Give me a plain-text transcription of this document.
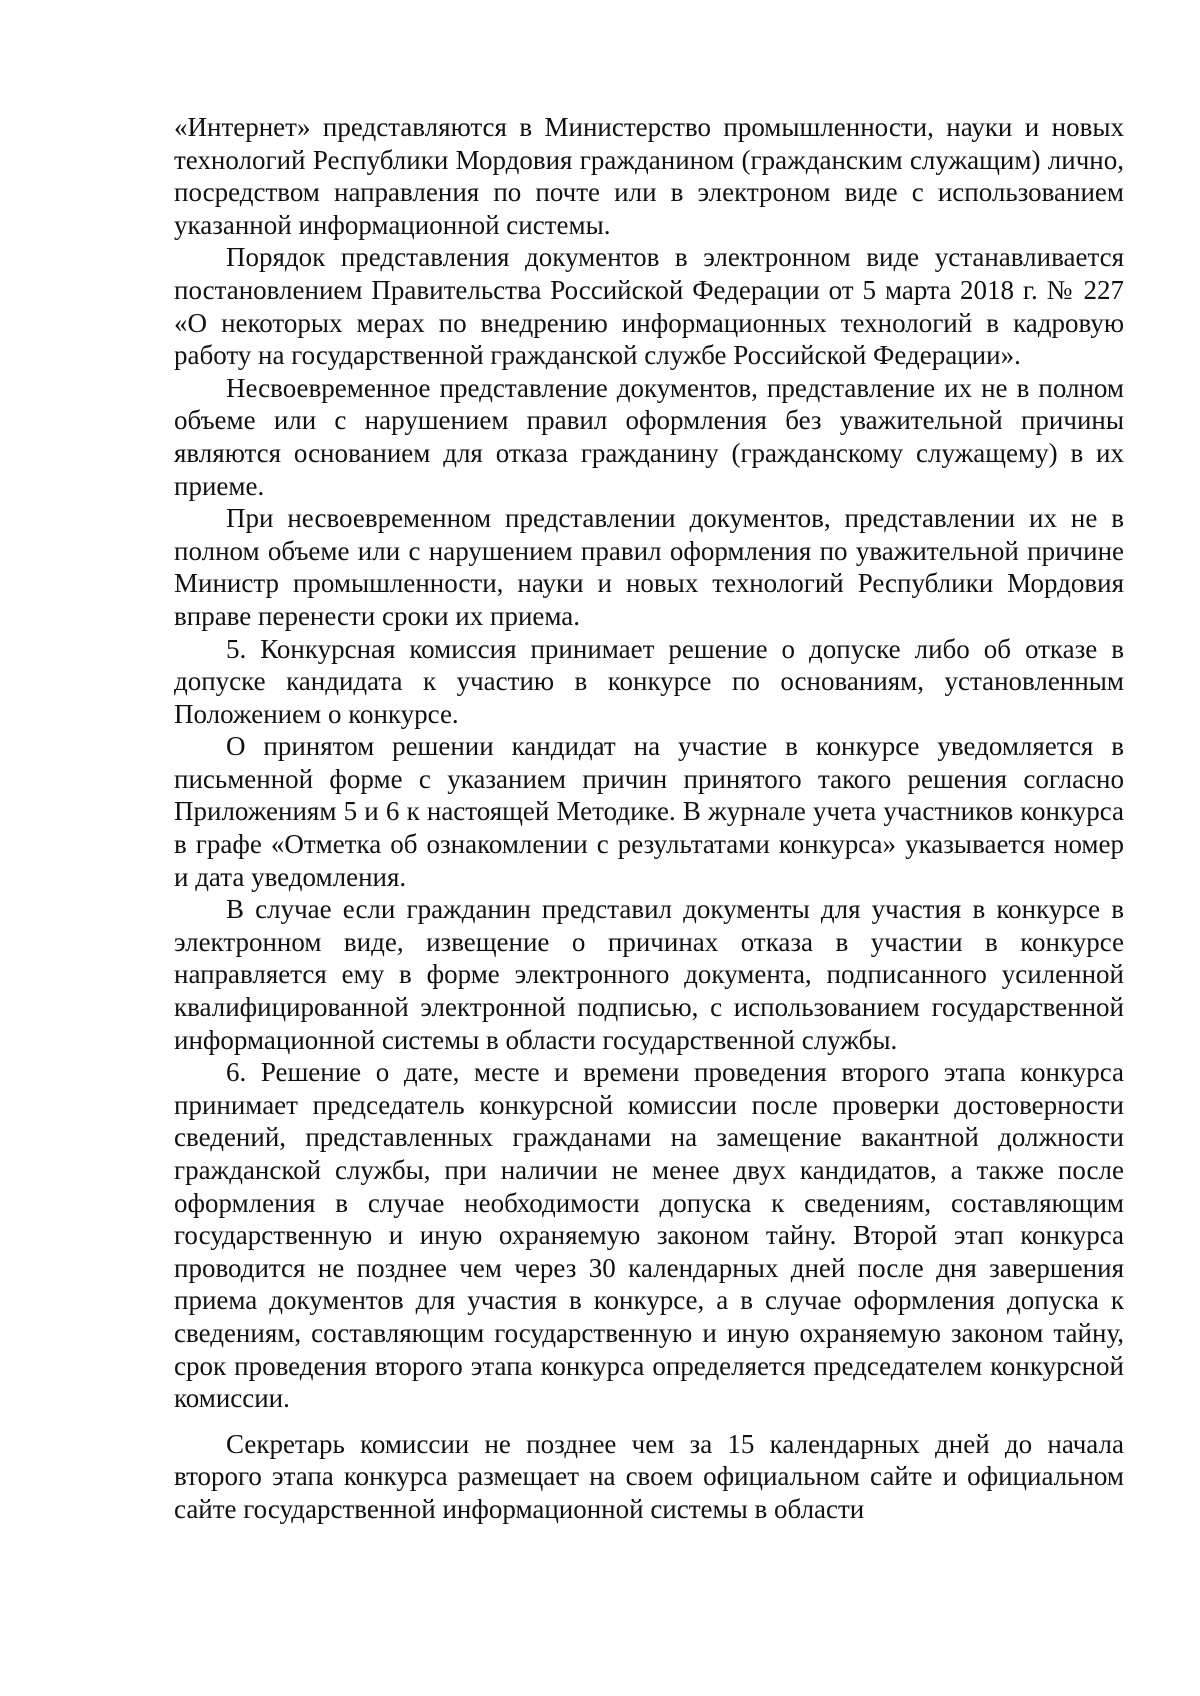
«Интернет» представляются в Министерство промышленности, науки и новых технологий Республики Мордовия гражданином (гражданским служащим) лично, посредством направления по почте или в электроном виде с использованием указанной информационной системы.

Порядок представления документов в электронном виде устанавливается постановлением Правительства Российской Федерации от 5 марта 2018 г. № 227 «О некоторых мерах по внедрению информационных технологий в кадровую работу на государственной гражданской службе Российской Федерации».

Несвоевременное представление документов, представление их не в полном объеме или с нарушением правил оформления без уважительной причины являются основанием для отказа гражданину (гражданскому служащему) в их приеме.

При несвоевременном представлении документов, представлении их не в полном объеме или с нарушением правил оформления по уважительной причине Министр промышленности, науки и новых технологий Республики Мордовия вправе перенести сроки их приема.

5. Конкурсная комиссия принимает решение о допуске либо об отказе в допуске кандидата к участию в конкурсе по основаниям, установленным Положением о конкурсе.

О принятом решении кандидат на участие в конкурсе уведомляется в письменной форме с указанием причин принятого такого решения согласно Приложениям 5 и 6 к настоящей Методике. В журнале учета участников конкурса в графе «Отметка об ознакомлении с результатами конкурса» указывается номер и дата уведомления.

В случае если гражданин представил документы для участия в конкурсе в электронном виде, извещение о причинах отказа в участии в конкурсе направляется ему в форме электронного документа, подписанного усиленной квалифицированной электронной подписью, с использованием государственной информационной системы в области государственной службы.

6. Решение о дате, месте и времени проведения второго этапа конкурса принимает председатель конкурсной комиссии после проверки достоверности сведений, представленных гражданами на замещение вакантной должности гражданской службы, при наличии не менее двух кандидатов, а также после оформления в случае необходимости допуска к сведениям, составляющим государственную и иную охраняемую законом тайну. Второй этап конкурса проводится не позднее чем через 30 календарных дней после дня завершения приема документов для участия в конкурсе, а в случае оформления допуска к сведениям, составляющим государственную и иную охраняемую законом тайну, срок проведения второго этапа конкурса определяется председателем конкурсной комиссии.

Секретарь комиссии не позднее чем за 15 календарных дней до начала второго этапа конкурса размещает на своем официальном сайте и официальном сайте государственной информационной системы в области
